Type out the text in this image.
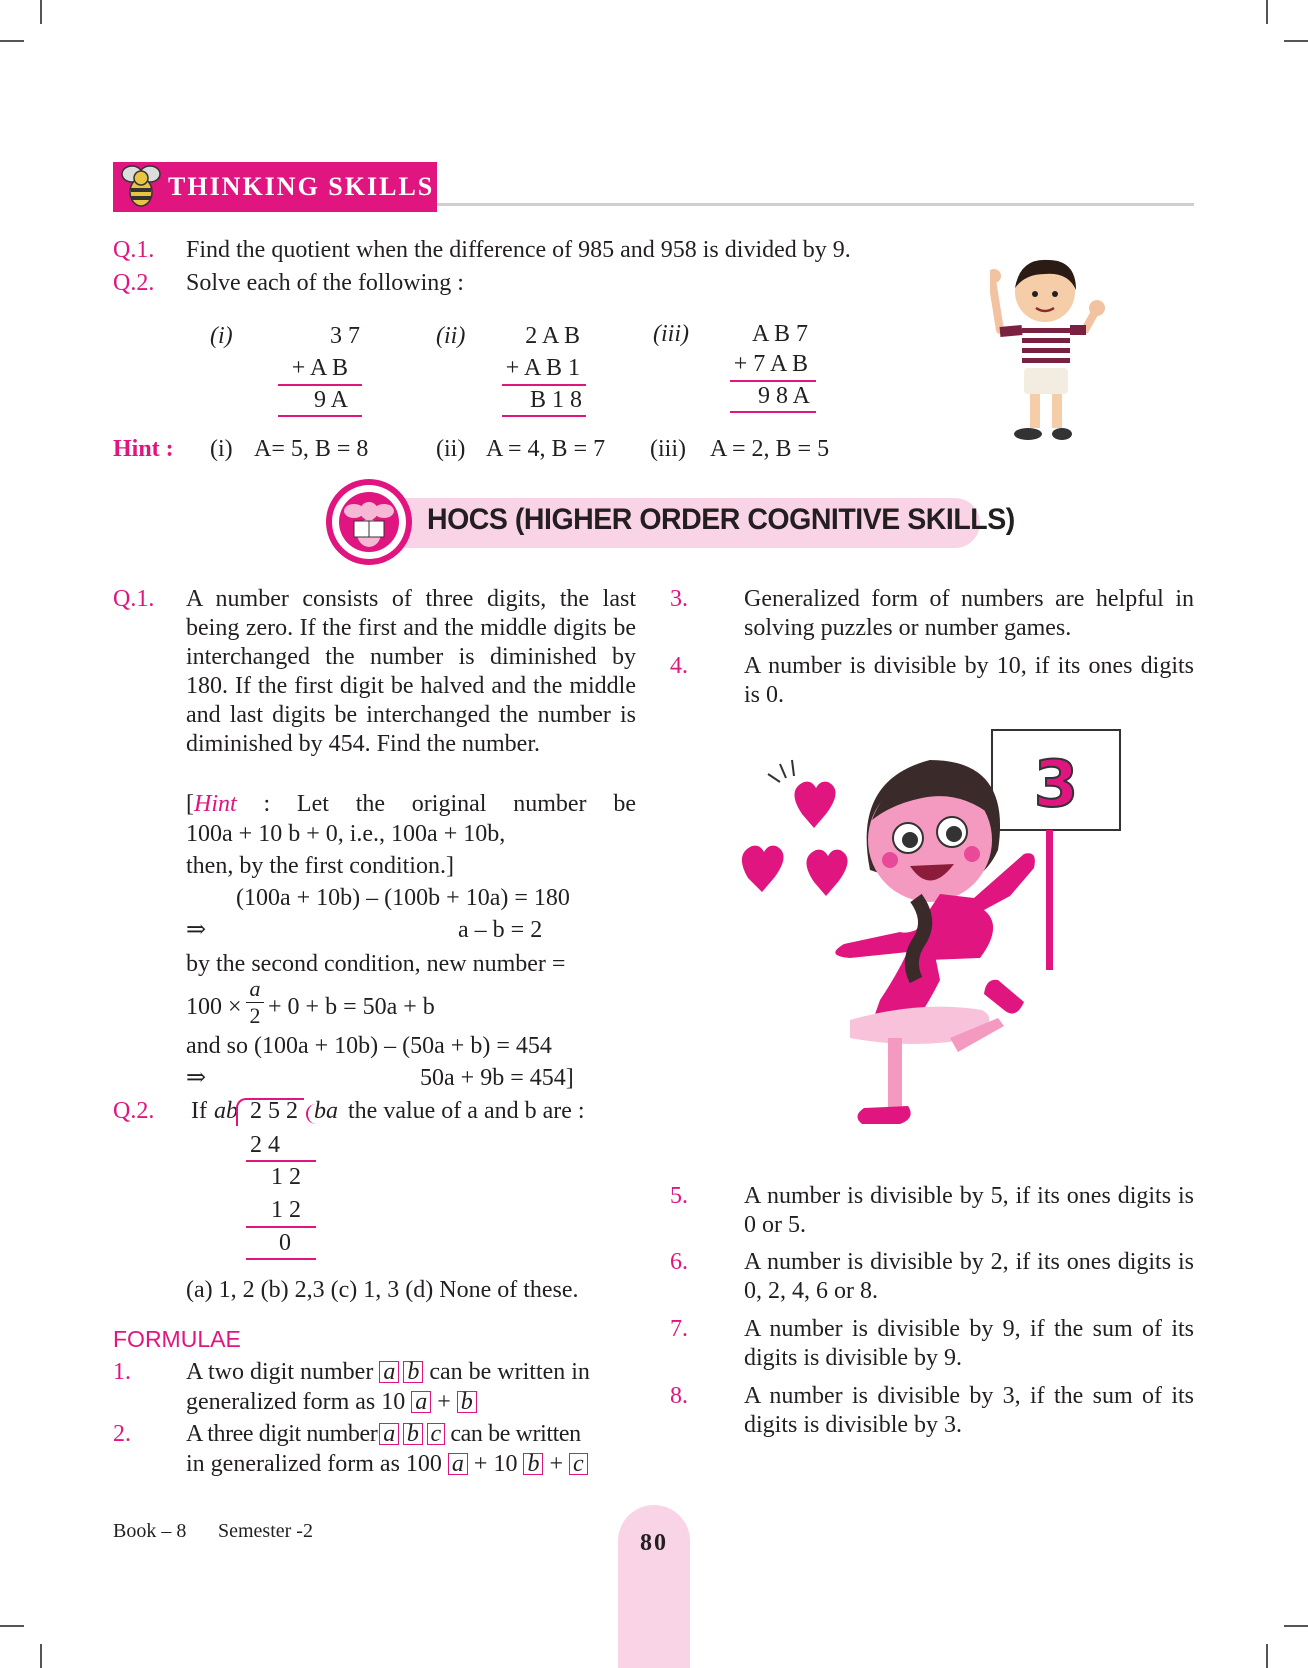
THINKING SKILLS
Q.1. Find the quotient when the difference of 985 and 958 is divided by 9.
Q.2. Solve each of the following :
(i)	3 7
+ A B
9 A
(ii)	2 A B
+ A B 1
B 1 8
(iii)	A B 7
+ 7 A B
9 8 A
Hint : (i) A= 5, B = 8	(ii) A = 4, B = 7 (iii) A = 2, B = 5
HOCS (HIGHER ORDER COGNITIVE SKILLS)
Q.1. A number consists of three digits, the last being zero. If the first and the middle digits be interchanged the number is diminished by 180. If the first digit be halved and the middle and last digits be interchanged the number is diminished by 454. Find the number.
[Hint : Let the original number be
100a + 10 b + 0, i.e., 100a + 10b,
then, by the first condition.]
(100a + 10b) – (100b + 10a) = 180
⇒	a – b = 2
by the second condition, new number =
100 ×
a
2 + 0 + b = 50a + b
and so (100a + 10b) – (50a + b) = 454
⇒	50a + 9b = 454]
Q.2. If ab 2 5 2 ba the value of a and b are :
2 4
1 2
1 2
0
(a) 1, 2 (b) 2,3 (c) 1, 3 (d) None of these.
FORMULAE
1. A two digit number a b can be written in
generalized form as 10 a + b
2. A three digit number a b c can be written
in generalized form as 100 a + 10 b + c
3. Generalized form of numbers are helpful in solving puzzles or number games.
4. A number is divisible by 10, if its ones digits is 0.
3
5. A number is divisible by 5, if its ones digits is 0 or 5.
6. A number is divisible by 2, if its ones digits is 0, 2, 4, 6 or 8.
7. A number is divisible by 9, if the sum of its digits is divisible by 9.
8. A number is divisible by 3, if the sum of its digits is divisible by 3.
Book – 8 Semester -2	80
